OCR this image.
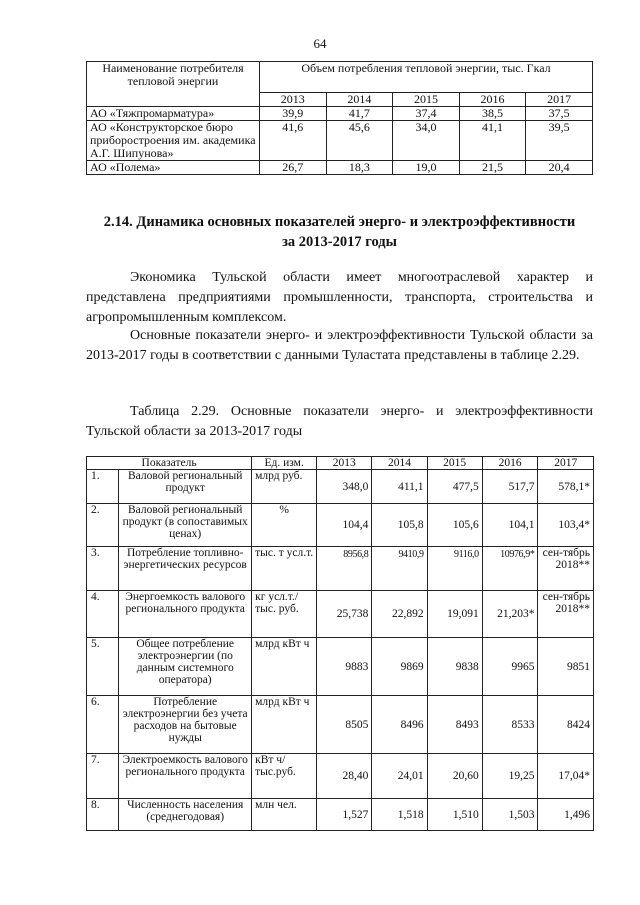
64
Наименование потребителя тепловой энергии	Объем потребления тепловой энергии, тыс. Гкал				
	2013	2014	2015	2016	2017
АО «Тяжпромарматура»	39,9	41,7	37,4	38,5	37,5
АО «Конструкторское бюро приборостроения им. академика А.Г. Шипунова»	41,6	45,6	34,0	41,1	39,5
АО «Полема»	26,7	18,3	19,0	21,5	20,4
2.14. Динамика основных показателей энерго- и электроэффективности
за 2013-2017 годы
Экономика Тульской области имеет многоотраслевой характер и представлена предприятиями промышленности, транспорта, строительства и агропромышленным комплексом.
Основные показатели энерго- и электроэффективности Тульской области за 2013-2017 годы в соответствии с данными Туластата представлены в таблице 2.29.
Таблица 2.29. Основные показатели энерго- и электроэффективности Тульской области за 2013-2017 годы
Показатель		Ед. изм.	2013	2014	2015	2016	2017
1.	Валовой региональный продукт	млрд руб.	348,0	411,1	477,5	517,7	578,1*
2.	Валовой региональный продукт (в сопоставимых ценах)	%	104,4	105,8	105,6	104,1	103,4*
3.	Потребление топливно-энергетических ресурсов	тыс. т усл.т.	8956,8	9410,9	9116,0	10976,9*	сен-тябрь 2018**
4.	Энергоемкость валового регионального продукта	кг усл.т./ тыс. руб.	25,738	22,892	19,091	21,203*	сен-тябрь 2018**
5.	Общее потребление электроэнергии (по данным системного оператора)	млрд кВт ч	9883	9869	9838	9965	9851
6.	Потребление электроэнергии без учета расходов на бытовые нужды	млрд кВт ч	8505	8496	8493	8533	8424
7.	Электроемкость валового регионального продукта	кВт ч/ тыс.руб.	28,40	24,01	20,60	19,25	17,04*
8.	Численность населения (среднегодовая)	млн чел.	1,527	1,518	1,510	1,503	1,496
